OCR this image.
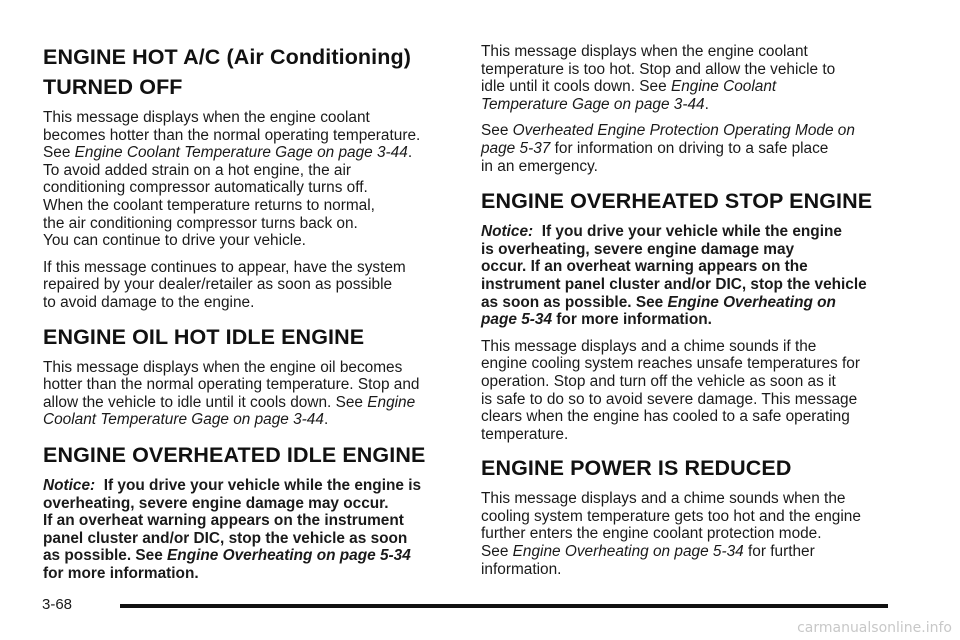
ENGINE HOT A/C (Air Conditioning)
TURNED OFF

This message displays when the engine coolant
becomes hotter than the normal operating temperature.
See Engine Coolant Temperature Gage on page 3-44.
To avoid added strain on a hot engine, the air
conditioning compressor automatically turns off.
When the coolant temperature returns to normal,
the air conditioning compressor turns back on.
You can continue to drive your vehicle.

If this message continues to appear, have the system
repaired by your dealer/retailer as soon as possible
to avoid damage to the engine.

ENGINE OIL HOT IDLE ENGINE

This message displays when the engine oil becomes
hotter than the normal operating temperature. Stop and
allow the vehicle to idle until it cools down. See Engine
Coolant Temperature Gage on page 3-44.

ENGINE OVERHEATED IDLE ENGINE

Notice: If you drive your vehicle while the engine is
overheating, severe engine damage may occur.
If an overheat warning appears on the instrument
panel cluster and/or DIC, stop the vehicle as soon
as possible. See Engine Overheating on page 5-34
for more information.

This message displays when the engine coolant
temperature is too hot. Stop and allow the vehicle to
idle until it cools down. See Engine Coolant
Temperature Gage on page 3-44.

See Overheated Engine Protection Operating Mode on
page 5-37 for information on driving to a safe place
in an emergency.

ENGINE OVERHEATED STOP ENGINE

Notice: If you drive your vehicle while the engine
is overheating, severe engine damage may
occur. If an overheat warning appears on the
instrument panel cluster and/or DIC, stop the vehicle
as soon as possible. See Engine Overheating on
page 5-34 for more information.

This message displays and a chime sounds if the
engine cooling system reaches unsafe temperatures for
operation. Stop and turn off the vehicle as soon as it
is safe to do so to avoid severe damage. This message
clears when the engine has cooled to a safe operating
temperature.

ENGINE POWER IS REDUCED

This message displays and a chime sounds when the
cooling system temperature gets too hot and the engine
further enters the engine coolant protection mode.
See Engine Overheating on page 5-34 for further
information.

3-68
carmanualsonline.info
